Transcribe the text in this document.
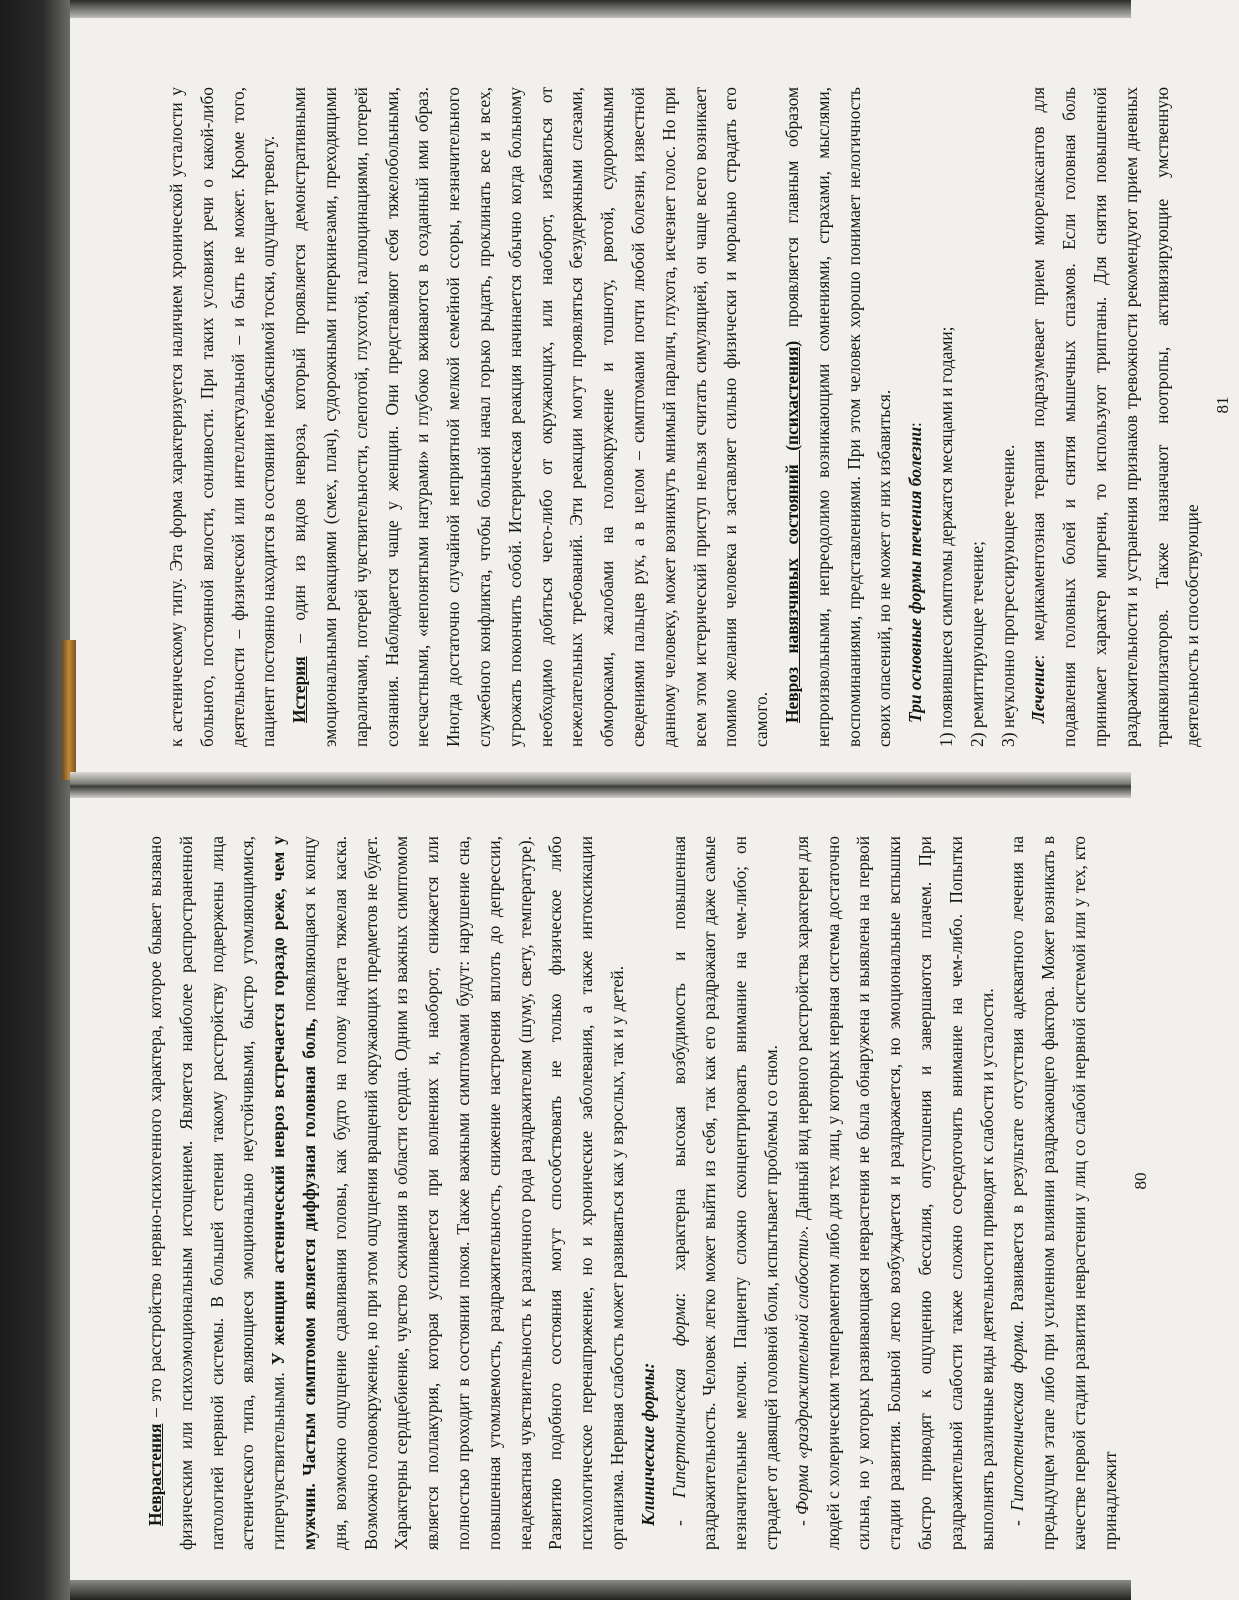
Неврастения – это расстройство нервно-психогенного характера, которое бывает вызвано физическим или психоэмоциональным истощением. Является наиболее распространенной патологией нервной системы. В большей степени такому расстройству подвержены лица астенического типа, являющиеся эмоционально неустойчивыми, быстро утомляющимися, гиперчувствительными. У женщин астенический невроз встречается гораздо реже, чем у мужчин. Частым симптомом является диффузная головная боль, появляющаяся к концу дня, возможно ощущение сдавливания головы, как будто на голову надета тяжелая каска. Возможно головокружение, но при этом ощущения вращений окружающих предметов не будет. Характерны сердцебиение, чувство сжимания в области сердца. Одним из важных симптомом является поллакурия, которая усиливается при волнениях и, наоборот, снижается или полностью проходит в состоянии покоя. Также важными симптомами будут: нарушение сна, повышенная утомляемость, раздражительность, снижение настроения вплоть до депрессии, неадекватная чувствительность к различного рода раздражителям (шуму, свету, температуре). Развитию подобного состояния могут способствовать не только физическое либо психологическое перенапряжение, но и хронические заболевания, а также интоксикации организма. Нервная слабость может развиваться как у взрослых, так и у детей. Клинические формы: - Гипертоническая форма: характерна высокая возбудимость и повышенная раздражительность. Человек легко может выйти из себя, так как его раздражают даже самые незначительные мелочи. Пациенту сложно сконцентрировать внимание на чем-либо; он страдает от давящей головной боли, испытывает проблемы со сном. - Форма «раздражительной слабости». Данный вид нервного расстройства характерен для людей с холерическим темпераментом либо для тех лиц, у которых нервная система достаточно сильна, но у которых развивающаяся неврастения не была обнаружена и выявлена на первой стадии развития. Больной легко возбуждается и раздражается, но эмоциональные вспышки быстро приводят к ощущению бессилия, опустошения и завершаются плачем. При раздражительной слабости также сложно сосредоточить внимание на чем-либо. Попытки выполнять различные виды деятельности приводят к слабости и усталости. - Гипостеническая форма. Развивается в результате отсутствия адекватного лечения на предыдущем этапе либо при усиленном влиянии раздражающего фактора. Может возникать в качестве первой стадии развития неврастении у лиц со слабой нервной системой или у тех, кто принадлежит

80

к астеническому типу. Эта форма характеризуется наличием хронической усталости у больного, постоянной вялости, сонливости. При таких условиях речи о какой-либо деятельности – физической или интеллектуальной – и быть не может. Кроме того, пациент постоянно находится в состоянии необъяснимой тоски, ощущает тревогу. Истерия – один из видов невроза, который проявляется демонстративными эмоциональными реакциями (смех, плач), судорожными гиперкинезами, преходящими параличами, потерей чувствительности, слепотой, глухотой, галлюцинациями, потерей сознания. Наблюдается чаще у женщин. Они представляют себя тяжелобольными, несчастными, «непонятыми натурами» и глубоко вживаются в созданный ими образ. Иногда достаточно случайной неприятной мелкой семейной ссоры, незначительного служебного конфликта, чтобы больной начал горько рыдать, проклинать все и всех, угрожать покончить собой. Истерическая реакция начинается обычно когда больному необходимо добиться чего-либо от окружающих, или наоборот, избавиться от нежелательных требований. Эти реакции могут проявляться безудержными слезами, обмороками, жалобами на головокружение и тошноту, рвотой, судорожными сведениями пальцев рук, а в целом – симптомами почти любой болезни, известной данному человеку, может возникнуть мнимый паралич, глухота, исчезнет голос. Но при всем этом истерический приступ нельзя считать симуляцией, он чаще всего возникает помимо желания человека и заставляет сильно физически и морально страдать его самого. Невроз навязчивых состояний (психастения) проявляется главным образом непроизвольными, непреодолимо возникающими сомнениями, страхами, мыслями, воспоминаниями, представлениями. При этом человек хорошо понимает нелогичность своих опасений, но не может от них избавиться. Три основные формы течения болезни: 1) появившиеся симптомы держатся месяцами и годами; 2) ремиттирующее течение; 3) неуклонно прогрессирующее течение. Лечение: медикаментозная терапия подразумевает прием миорелаксантов для подавления головных болей и снятия мышечных спазмов. Если головная боль принимает характер мигрени, то используют триптаны. Для снятия повышенной раздражительности и устранения признаков тревожности рекомендуют прием дневных транквилизаторов. Также назначают ноотропы, активизирующие умственную деятельность и способствующие

81
